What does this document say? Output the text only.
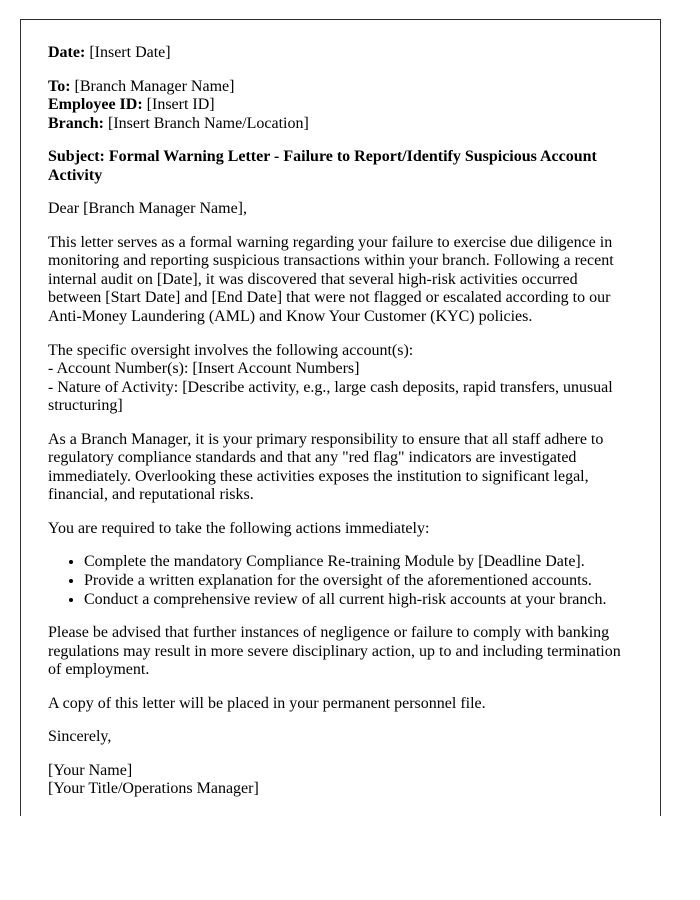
Date: [Insert Date]
To: [Branch Manager Name]
Employee ID: [Insert ID]
Branch: [Insert Branch Name/Location]
Subject: Formal Warning Letter - Failure to Report/Identify Suspicious Account Activity
Dear [Branch Manager Name],
This letter serves as a formal warning regarding your failure to exercise due diligence in monitoring and reporting suspicious transactions within your branch. Following a recent internal audit on [Date], it was discovered that several high-risk activities occurred between [Start Date] and [End Date] that were not flagged or escalated according to our Anti-Money Laundering (AML) and Know Your Customer (KYC) policies.
The specific oversight involves the following account(s):
- Account Number(s): [Insert Account Numbers]
- Nature of Activity: [Describe activity, e.g., large cash deposits, rapid transfers, unusual structuring]
As a Branch Manager, it is your primary responsibility to ensure that all staff adhere to regulatory compliance standards and that any "red flag" indicators are investigated immediately. Overlooking these activities exposes the institution to significant legal, financial, and reputational risks.
You are required to take the following actions immediately:
• Complete the mandatory Compliance Re-training Module by [Deadline Date].
• Provide a written explanation for the oversight of the aforementioned accounts.
• Conduct a comprehensive review of all current high-risk accounts at your branch.
Please be advised that further instances of negligence or failure to comply with banking regulations may result in more severe disciplinary action, up to and including termination of employment.
A copy of this letter will be placed in your permanent personnel file.
Sincerely,
[Your Name]
[Your Title/Operations Manager]
